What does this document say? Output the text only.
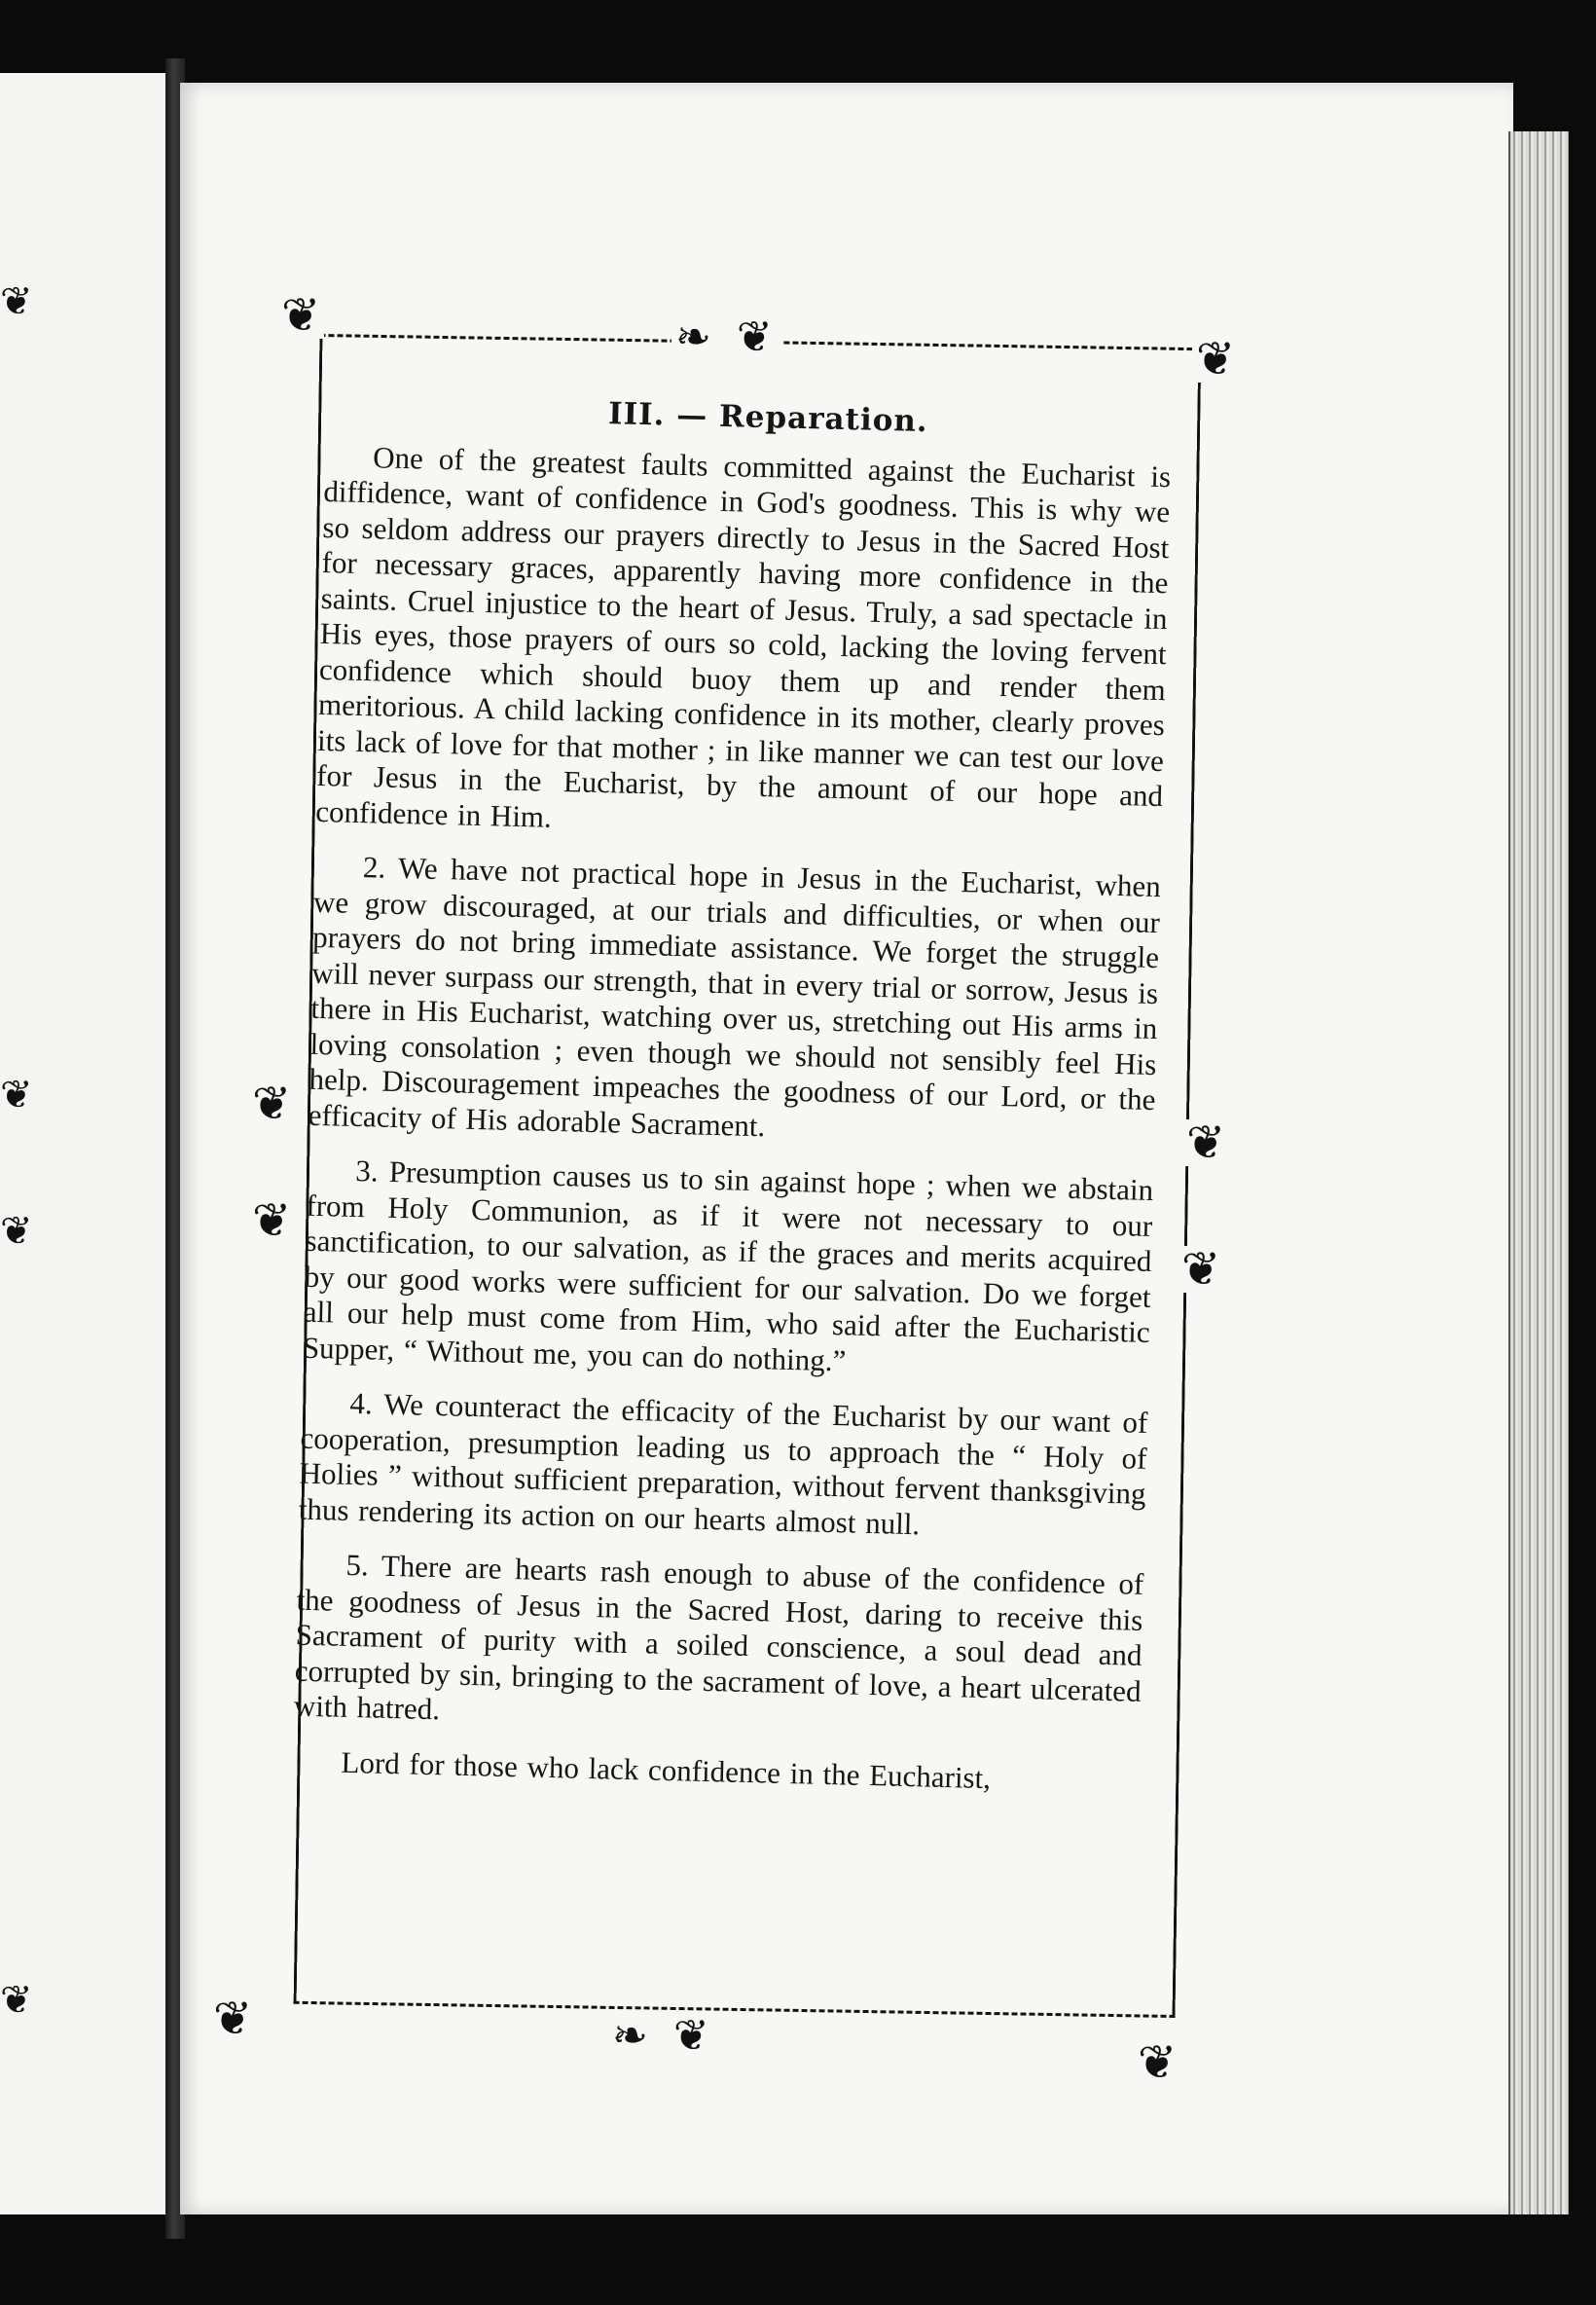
❦
❦
❦
❦
❦	❧ ❦	❦
❦
❦
❦
❦
❦	❧ ❦	❦
III. — Reparation.

One of the greatest faults committed against the Eucharist is diffidence, want of confidence in God's goodness. This is why we so seldom address our prayers directly to Jesus in the Sacred Host for necessary graces, apparently having more confidence in the saints. Cruel injustice to the heart of Jesus. Truly, a sad spectacle in His eyes, those prayers of ours so cold, lacking the loving fervent confidence which should buoy them up and render them meritorious. A child lacking confidence in its mother, clearly proves its lack of love for that mother ; in like manner we can test our love for Jesus in the Eucharist, by the amount of our hope and confidence in Him.

2. We have not practical hope in Jesus in the Eucharist, when we grow discouraged, at our trials and difficulties, or when our prayers do not bring immediate assistance. We forget the struggle will never surpass our strength, that in every trial or sorrow, Jesus is there in His Eucharist, watching over us, stretching out His arms in loving consolation ; even though we should not sensibly feel His help. Discouragement impeaches the goodness of our Lord, or the efficacity of His adorable Sacrament.

3. Presumption causes us to sin against hope ; when we abstain from Holy Communion, as if it were not necessary to our sanctification, to our salvation, as if the graces and merits acquired by our good works were sufficient for our salvation. Do we forget all our help must come from Him, who said after the Eucharistic Supper, “ Without me, you can do nothing.”

4. We counteract the efficacity of the Eucharist by our want of cooperation, presumption leading us to approach the “ Holy of Holies ” without sufficient preparation, without fervent thanksgiving thus rendering its action on our hearts almost null.

5. There are hearts rash enough to abuse of the confidence of the goodness of Jesus in the Sacred Host, daring to receive this Sacrament of purity with a soiled conscience, a soul dead and corrupted by sin, bringing to the sacrament of love, a heart ulcerated with hatred.

Lord for those who lack confidence in the Eucharist,
